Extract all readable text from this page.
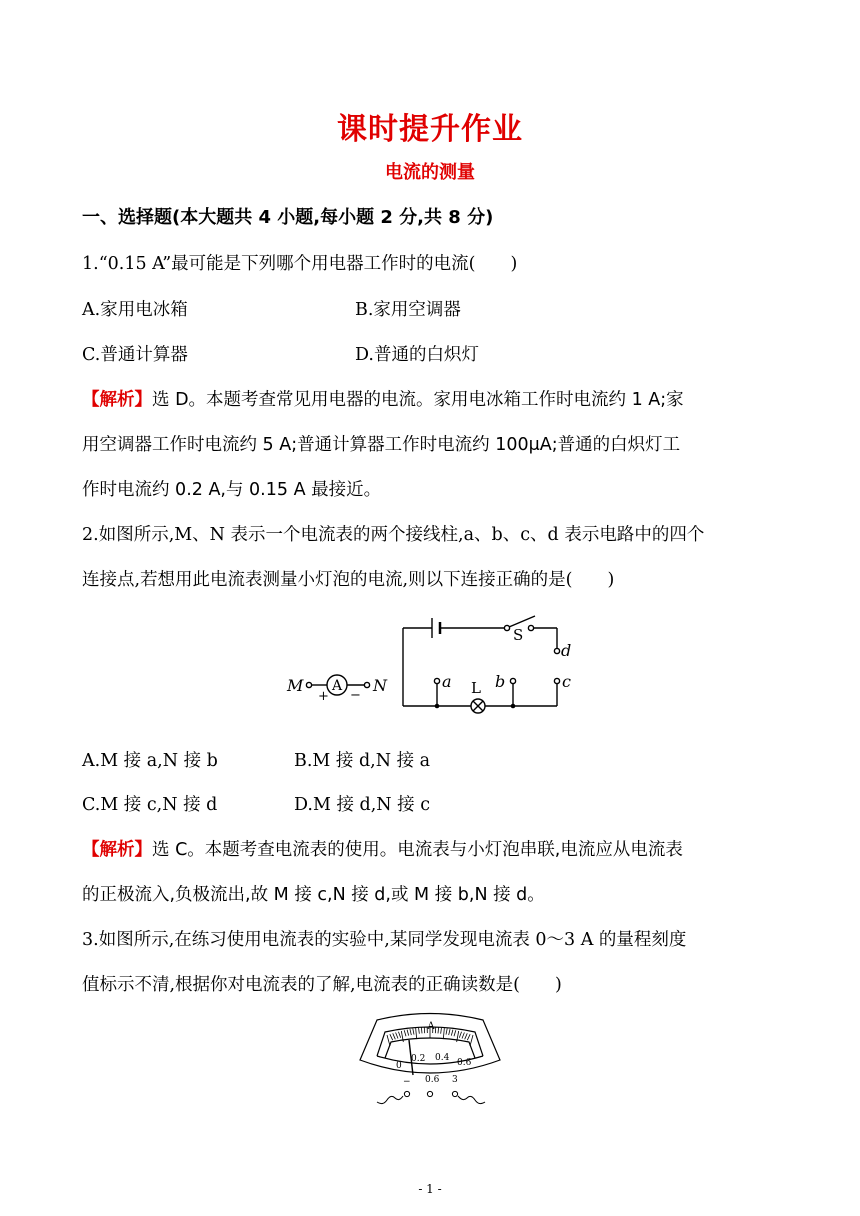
课时提升作业
电流的测量
一、选择题(本大题共 4 小题,每小题 2 分,共 8 分)
1.“0.15 A”最可能是下列哪个用电器工作时的电流(　　)
A.家用电冰箱	B.家用空调器
C.普通计算器	D.普通的白炽灯
【解析】选 D。本题考查常见用电器的电流。家用电冰箱工作时电流约 1 A;家
用空调器工作时电流约 5 A;普通计算器工作时电流约 100μA;普通的白炽灯工
作时电流约 0.2 A,与 0.15 A 最接近。
2.如图所示,M、N 表示一个电流表的两个接线柱,a、b、c、d 表示电路中的四个
连接点,若想用此电流表测量小灯泡的电流,则以下连接正确的是(　　)
M A
+ −
N
S
d
a	b	c
L
A.M 接 a,N 接 b	B.M 接 d,N 接 a
C.M 接 c,N 接 d	D.M 接 d,N 接 c
【解析】选 C。本题考查电流表的使用。电流表与小灯泡串联,电流应从电流表
的正极流入,负极流出,故 M 接 c,N 接 d,或 M 接 b,N 接 d。
3.如图所示,在练习使用电流表的实验中,某同学发现电流表 0～3 A 的量程刻度
值标示不清,根据你对电流表的了解,电流表的正确读数是(　　)
A
0
0.2 0.4 0.6
− 0.6 3
- 1 -
